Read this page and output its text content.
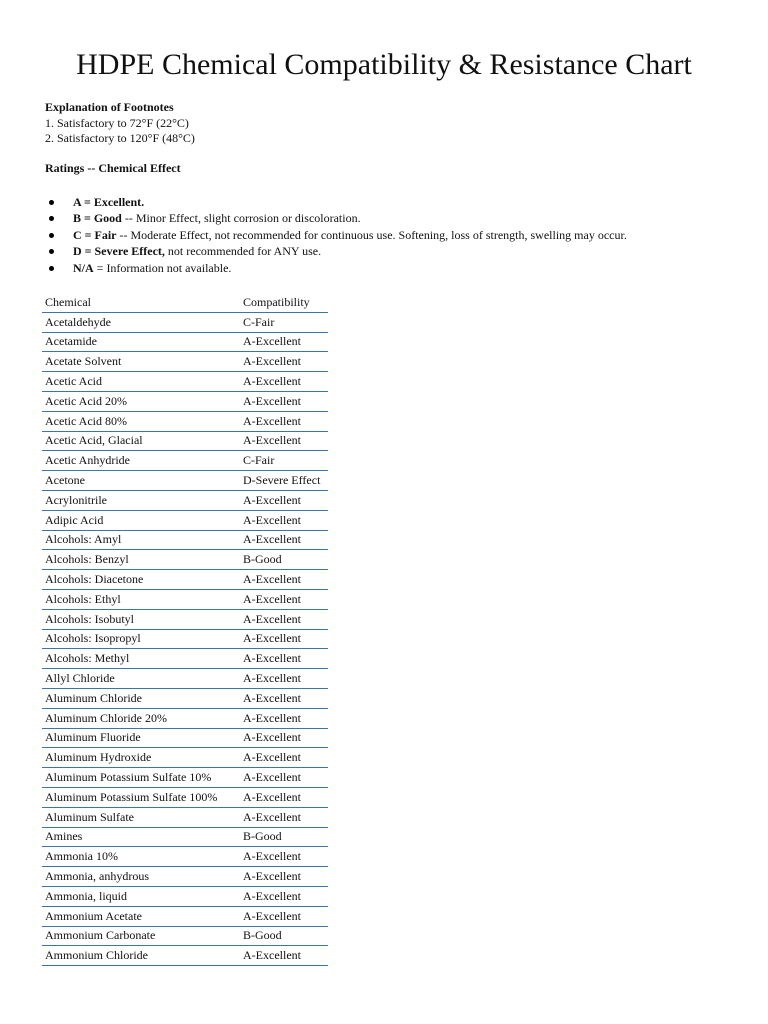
HDPE Chemical Compatibility & Resistance Chart
Explanation of Footnotes
1. Satisfactory to 72°F (22°C)
2. Satisfactory to 120°F (48°C)
Ratings -- Chemical Effect
A = Excellent.
B = Good -- Minor Effect, slight corrosion or discoloration.
C = Fair -- Moderate Effect, not recommended for continuous use. Softening, loss of strength, swelling may occur.
D = Severe Effect, not recommended for ANY use.
N/A = Information not available.
Chemical	Compatibility
Acetaldehyde	C-Fair
Acetamide	A-Excellent
Acetate Solvent	A-Excellent
Acetic Acid	A-Excellent
Acetic Acid 20%	A-Excellent
Acetic Acid 80%	A-Excellent
Acetic Acid, Glacial	A-Excellent
Acetic Anhydride	C-Fair
Acetone	D-Severe Effect
Acrylonitrile	A-Excellent
Adipic Acid	A-Excellent
Alcohols: Amyl	A-Excellent
Alcohols: Benzyl	B-Good
Alcohols: Diacetone	A-Excellent
Alcohols: Ethyl	A-Excellent
Alcohols: Isobutyl	A-Excellent
Alcohols: Isopropyl	A-Excellent
Alcohols: Methyl	A-Excellent
Allyl Chloride	A-Excellent
Aluminum Chloride	A-Excellent
Aluminum Chloride 20%	A-Excellent
Aluminum Fluoride	A-Excellent
Aluminum Hydroxide	A-Excellent
Aluminum Potassium Sulfate 10%	A-Excellent
Aluminum Potassium Sulfate 100%	A-Excellent
Aluminum Sulfate	A-Excellent
Amines	B-Good
Ammonia 10%	A-Excellent
Ammonia, anhydrous	A-Excellent
Ammonia, liquid	A-Excellent
Ammonium Acetate	A-Excellent
Ammonium Carbonate	B-Good
Ammonium Chloride	A-Excellent
